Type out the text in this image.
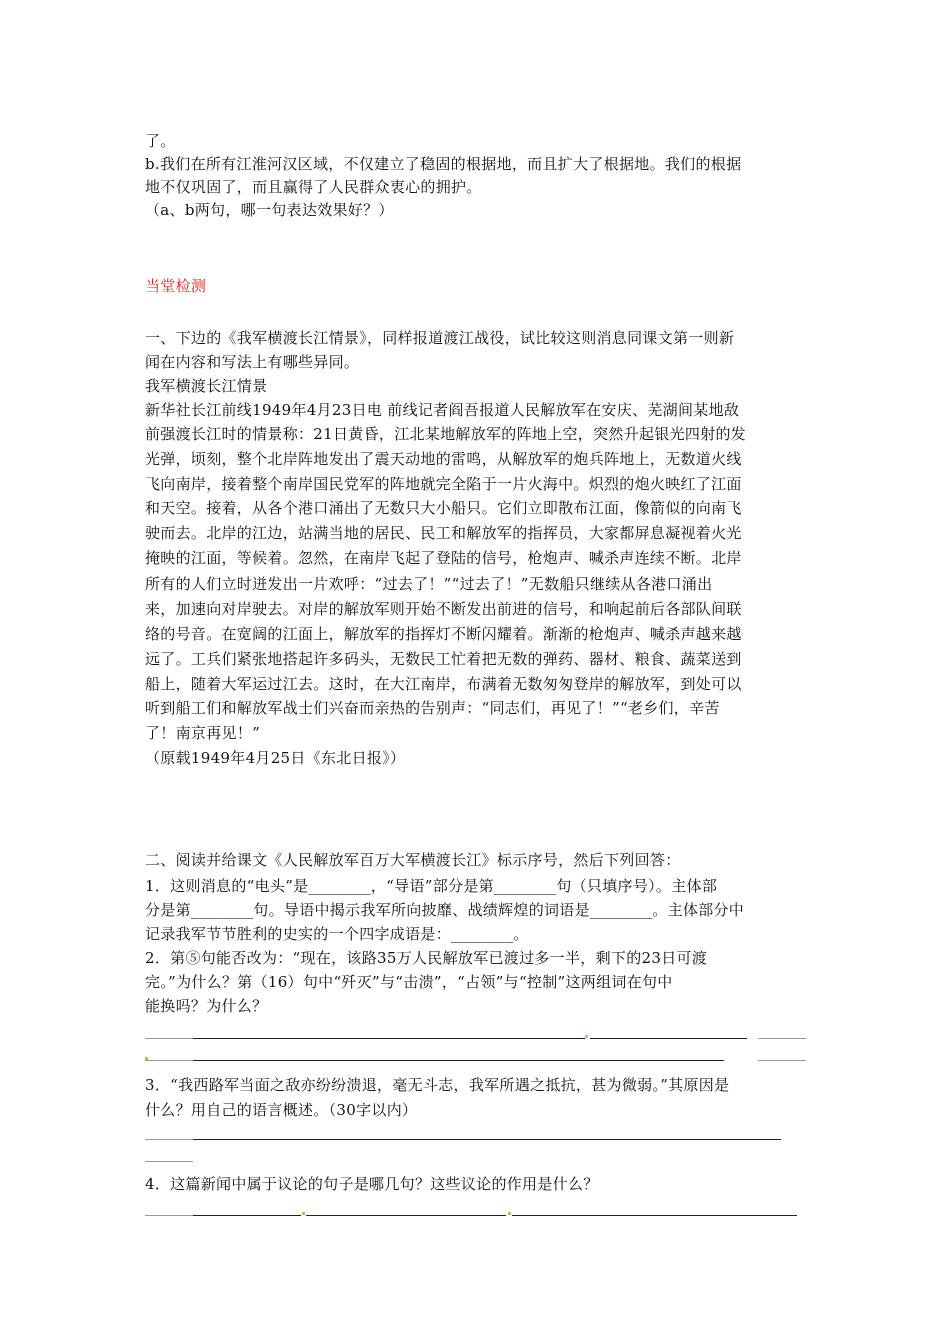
了。
b.我们在所有江淮河汉区域，不仅建立了稳固的根据地，而且扩大了根据地。我们的根据
地不仅巩固了，而且赢得了人民群众衷心的拥护。
（a、b两句，哪一句表达效果好？）
当堂检测
一、下边的《我军横渡长江情景》，同样报道渡江战役，试比较这则消息同课文第一则新
闻在内容和写法上有哪些异同。
我军横渡长江情景
新华社长江前线1949年4月23日电 前线记者阎吾报道人民解放军在安庆、芜湖间某地敌
前强渡长江时的情景称：21日黄昏，江北某地解放军的阵地上空，突然升起银光四射的发
光弹，顷刻，整个北岸阵地发出了震天动地的雷鸣，从解放军的炮兵阵地上，无数道火线
飞向南岸，接着整个南岸国民党军的阵地就完全陷于一片火海中。炽烈的炮火映红了江面
和天空。接着，从各个港口涌出了无数只大小船只。它们立即散布江面，像箭似的向南飞
驶而去。北岸的江边，站满当地的居民、民工和解放军的指挥员，大家都屏息凝视着火光
掩映的江面，等候着。忽然，在南岸飞起了登陆的信号，枪炮声、喊杀声连续不断。北岸
所有的人们立时迸发出一片欢呼：“过去了！”“过去了！”无数船只继续从各港口涌出
来，加速向对岸驶去。对岸的解放军则开始不断发出前进的信号，和响起前后各部队间联
络的号音。在宽阔的江面上，解放军的指挥灯不断闪耀着。渐渐的枪炮声、喊杀声越来越
远了。工兵们紧张地搭起许多码头，无数民工忙着把无数的弹药、器材、粮食、蔬菜送到
船上，随着大军运过江去。这时，在大江南岸，布满着无数匆匆登岸的解放军，到处可以
听到船工们和解放军战士们兴奋而亲热的告别声：“同志们，再见了！”“老乡们，辛苦
了！南京再见！”
（原载1949年4月25日《东北日报》）
二、阅读并给课文《人民解放军百万大军横渡长江》标示序号，然后下列回答：
1．这则消息的“电头”是________，“导语”部分是第________句（只填序号）。主体部
分是第________句。导语中揭示我军所向披靡、战绩辉煌的词语是________。主体部分中
记录我军节节胜利的史实的一个四字成语是：________。
2．第⑤句能否改为：“现在，该路35万人民解放军已渡过多一半，剩下的23日可渡
完。”为什么？第（16）句中“歼灭”与“击溃”，“占领”与“控制”这两组词在句中
能换吗？为什么？
3．“我西路军当面之敌亦纷纷溃退，毫无斗志，我军所遇之抵抗，甚为微弱。”其原因是
什么？用自己的语言概述。（30字以内）
4．这篇新闻中属于议论的句子是哪几句？这些议论的作用是什么？
